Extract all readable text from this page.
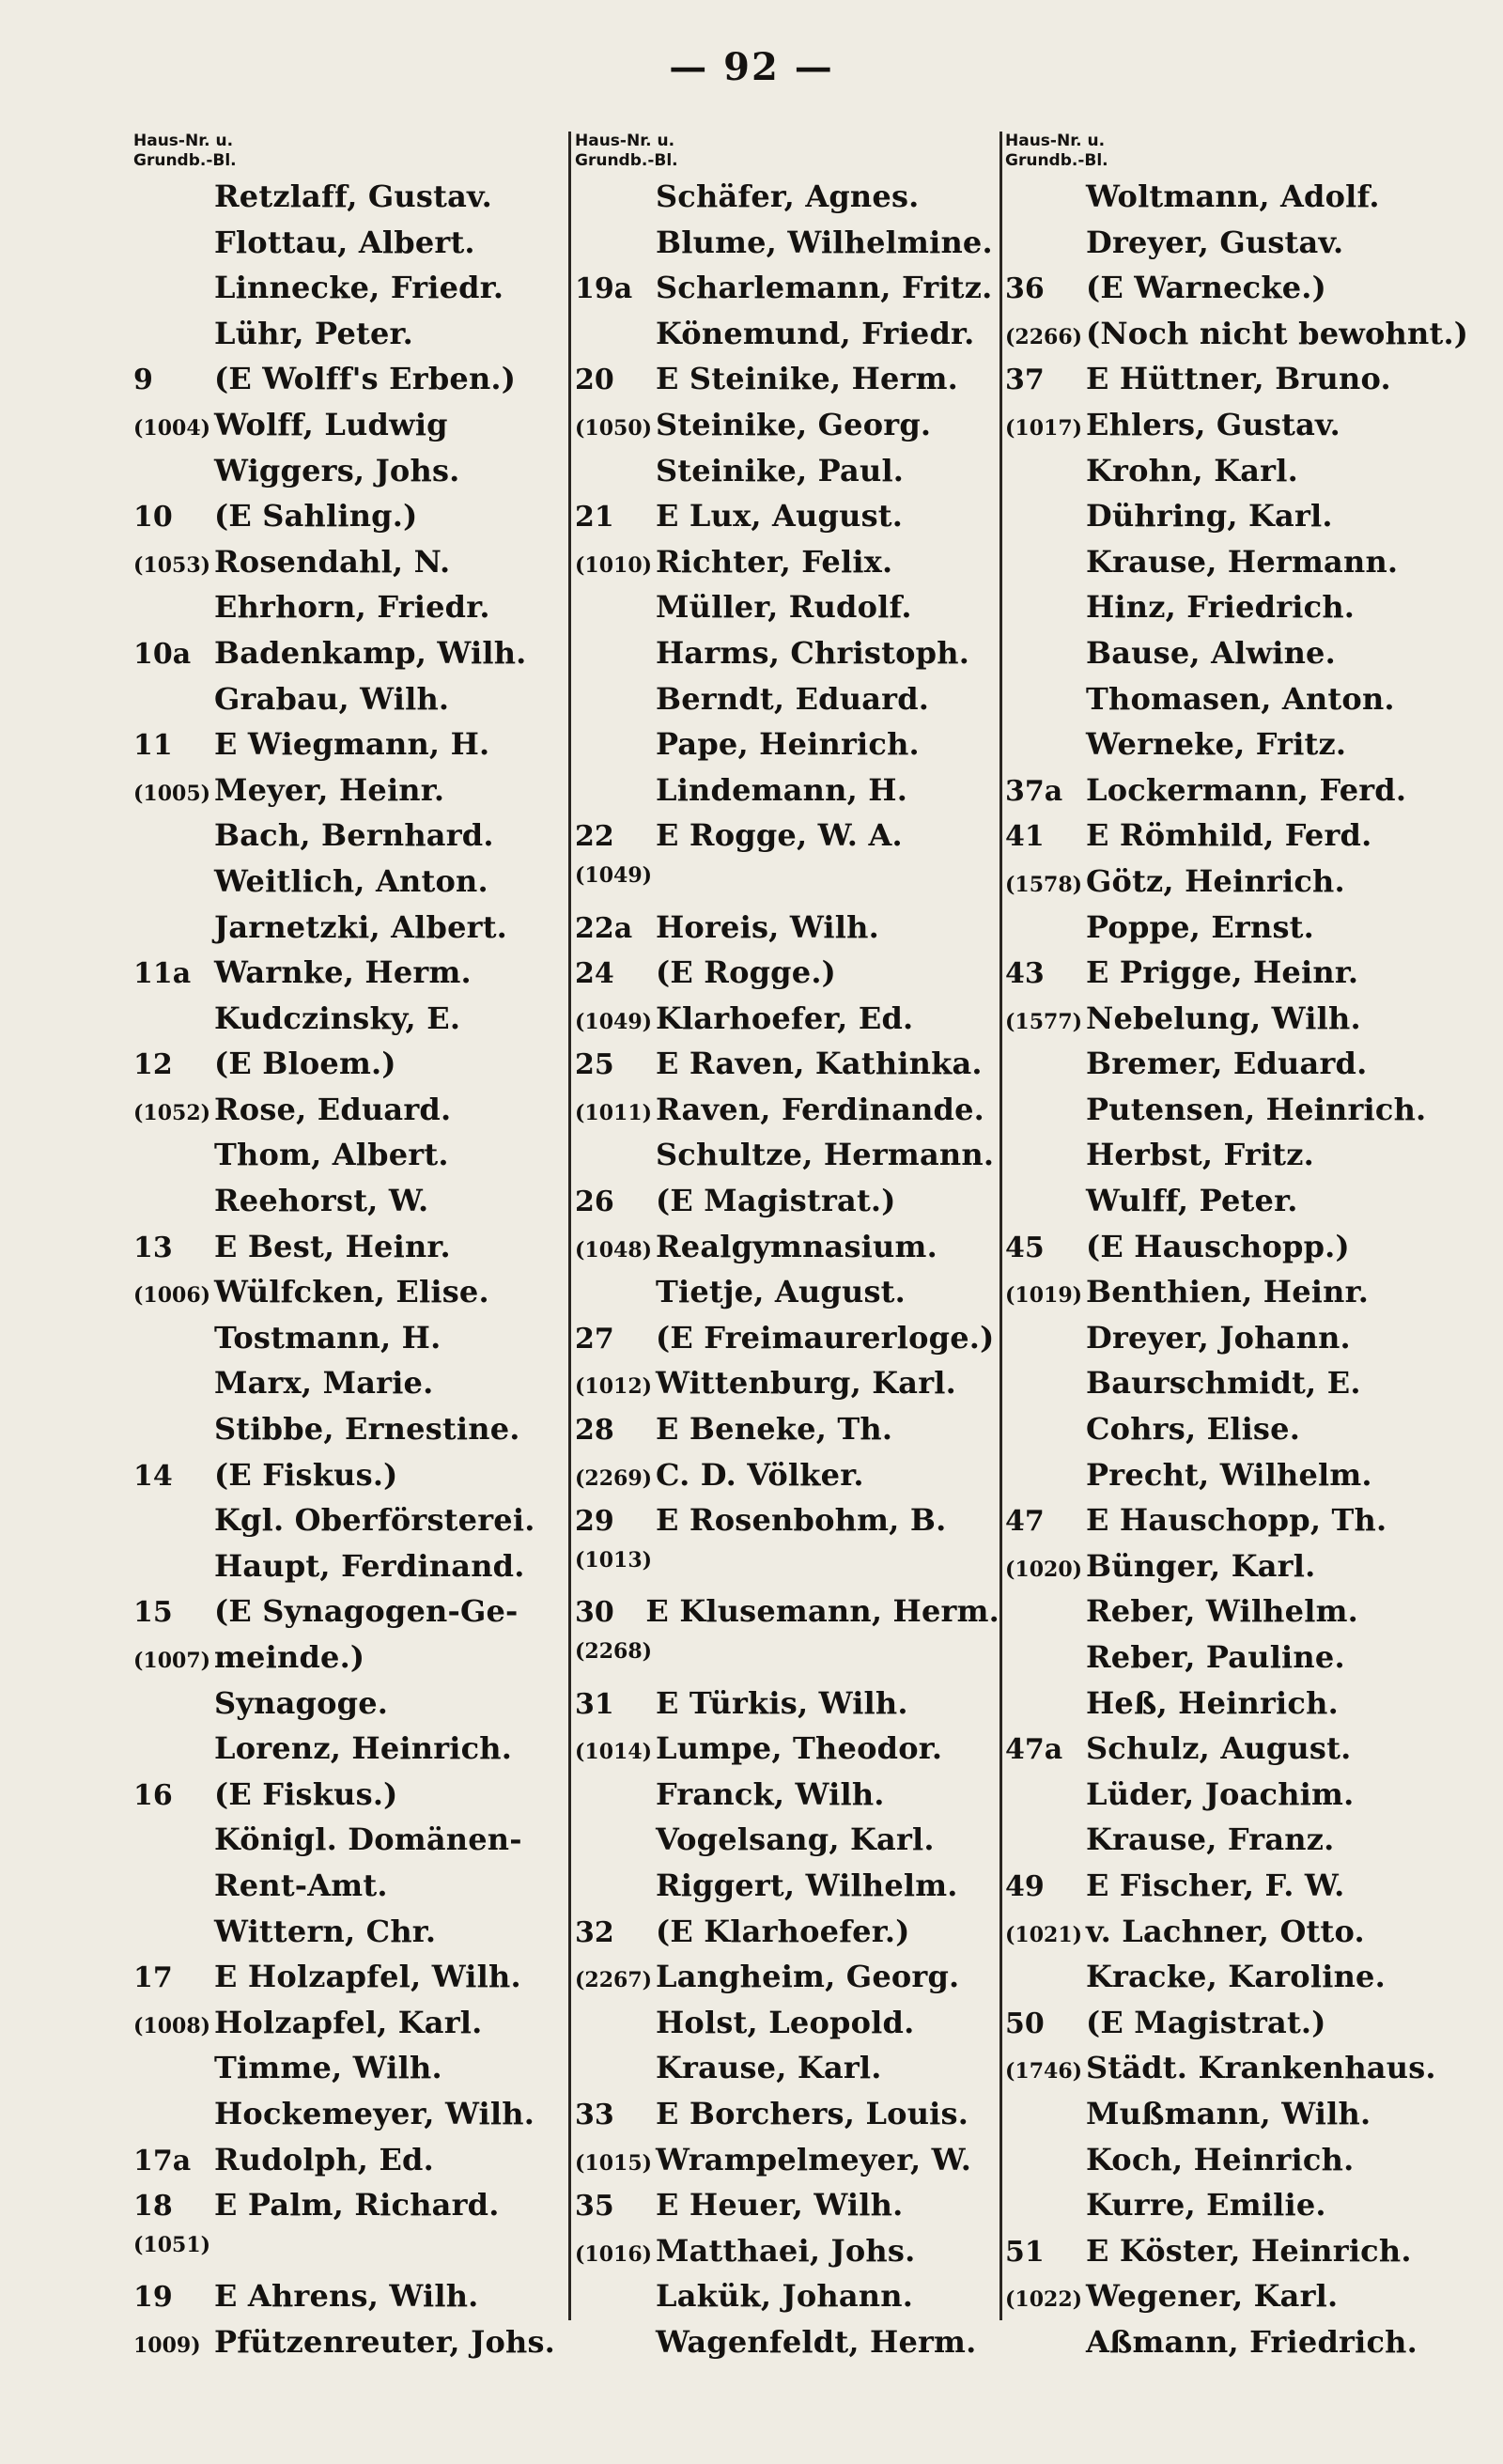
— 92 —
Haus-Nr. u.
Grundb.-Bl.
Retzlaff, Gustav.
Flottau, Albert.
Linnecke, Friedr.
Lühr, Peter.
9	(E Wolff's Erben.)
(1004) Wolff, Ludwig
Wiggers, Johs.
10	(E Sahling.)
(1053) Rosendahl, N.
Ehrhorn, Friedr.
10a Badenkamp, Wilh.
Grabau, Wilh.
11	E Wiegmann, H.
(1005) Meyer, Heinr.
Bach, Bernhard.
Weitlich, Anton.
Jarnetzki, Albert.
11a Warnke, Herm.
Kudczinsky, E.
12	(E Bloem.)
(1052) Rose, Eduard.
Thom, Albert.
Reehorst, W.
13	E Best, Heinr.
(1006) Wülfcken, Elise.
Tostmann, H.
Marx, Marie.
Stibbe, Ernestine.
14	(E Fiskus.)
Kgl. Oberförsterei.
Haupt, Ferdinand.
15	(E Synagogen-Ge-
(1007) meinde.)
Synagoge.
Lorenz, Heinrich.
16	(E Fiskus.)
Königl. Domänen-
Rent-Amt.
Wittern, Chr.
17	E Holzapfel, Wilh.
(1008) Holzapfel, Karl.
Timme, Wilh.
Hockemeyer, Wilh.
17a Rudolph, Ed.
18	E Palm, Richard.
(1051)
19	E Ahrens, Wilh.
1009) Pfützenreuter, Johs.
Haus-Nr. u.
Grundb.-Bl.
Schäfer, Agnes.
Blume, Wilhelmine.
19a Scharlemann, Fritz.
Könemund, Friedr.
20	E Steinike, Herm.
(1050) Steinike, Georg.
Steinike, Paul.
21	E Lux, August.
(1010) Richter, Felix.
Müller, Rudolf.
Harms, Christoph.
Berndt, Eduard.
Pape, Heinrich.
Lindemann, H.
22	E Rogge, W. A.
(1049)
22a Horeis, Wilh.
24	(E Rogge.)
(1049) Klarhoefer, Ed.
25	E Raven, Kathinka.
(1011) Raven, Ferdinande.
Schultze, Hermann.
26	(E Magistrat.)
(1048) Realgymnasium.
Tietje, August.
27	(E Freimaurerloge.)
(1012) Wittenburg, Karl.
28	E Beneke, Th.
(2269) C. D. Völker.
29	E Rosenbohm, B.
(1013)
30	E Klusemann, Herm.
(2268)
31	E Türkis, Wilh.
(1014) Lumpe, Theodor.
Franck, Wilh.
Vogelsang, Karl.
Riggert, Wilhelm.
32	(E Klarhoefer.)
(2267) Langheim, Georg.
Holst, Leopold.
Krause, Karl.
33	E Borchers, Louis.
(1015) Wrampelmeyer, W.
35	E Heuer, Wilh.
(1016) Matthaei, Johs.
Lakük, Johann.
Wagenfeldt, Herm.
Haus-Nr. u.
Grundb.-Bl.
Woltmann, Adolf.
Dreyer, Gustav.
36	(E Warnecke.)
(2266) (Noch nicht bewohnt.)
37	E Hüttner, Bruno.
(1017) Ehlers, Gustav.
Krohn, Karl.
Dühring, Karl.
Krause, Hermann.
Hinz, Friedrich.
Bause, Alwine.
Thomasen, Anton.
Werneke, Fritz.
37a Lockermann, Ferd.
41	E Römhild, Ferd.
(1578) Götz, Heinrich.
Poppe, Ernst.
43	E Prigge, Heinr.
(1577) Nebelung, Wilh.
Bremer, Eduard.
Putensen, Heinrich.
Herbst, Fritz.
Wulff, Peter.
45	(E Hauschopp.)
(1019) Benthien, Heinr.
Dreyer, Johann.
Baurschmidt, E.
Cohrs, Elise.
Precht, Wilhelm.
47	E Hauschopp, Th.
(1020) Bünger, Karl.
Reber, Wilhelm.
Reber, Pauline.
Heß, Heinrich.
47a Schulz, August.
Lüder, Joachim.
Krause, Franz.
49	E Fischer, F. W.
(1021) v. Lachner, Otto.
Kracke, Karoline.
50	(E Magistrat.)
(1746) Städt. Krankenhaus.
Mußmann, Wilh.
Koch, Heinrich.
Kurre, Emilie.
51	E Köster, Heinrich.
(1022) Wegener, Karl.
Aßmann, Friedrich.
